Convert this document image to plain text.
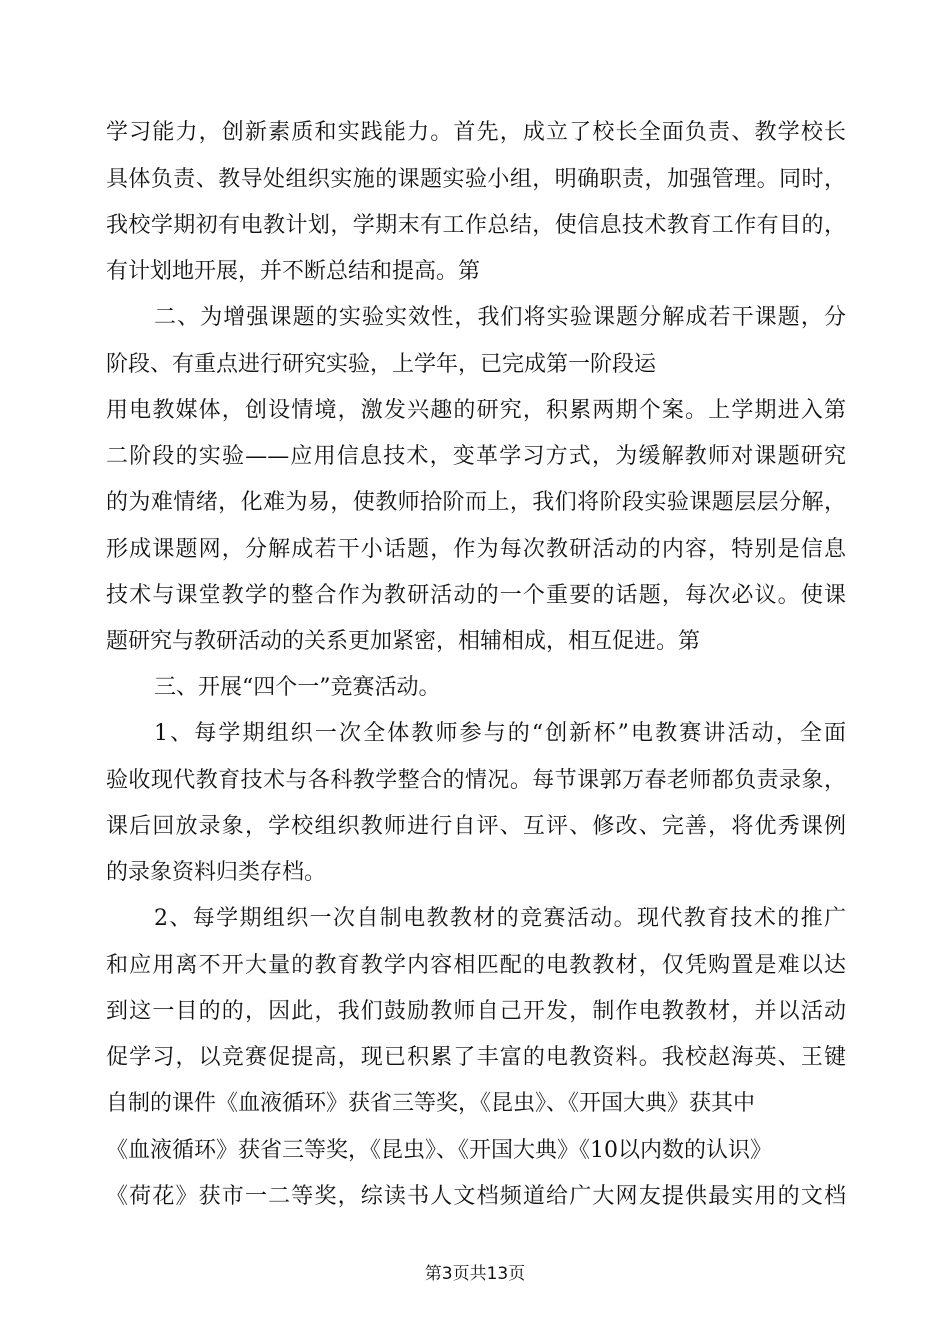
学习能力，创新素质和实践能力。首先，成立了校长全面负责、教学校长
具体负责、教导处组织实施的课题实验小组，明确职责，加强管理。同时，
我校学期初有电教计划，学期末有工作总结，使信息技术教育工作有目的，
有计划地开展，并不断总结和提高。第
二、为增强课题的实验实效性，我们将实验课题分解成若干课题，分
阶段、有重点进行研究实验，上学年，已完成第一阶段运
用电教媒体，创设情境，激发兴趣的研究，积累两期个案。上学期进入第
二阶段的实验——应用信息技术，变革学习方式，为缓解教师对课题研究
的为难情绪，化难为易，使教师拾阶而上，我们将阶段实验课题层层分解，
形成课题网，分解成若干小话题，作为每次教研活动的内容，特别是信息
技术与课堂教学的整合作为教研活动的一个重要的话题，每次必议。使课
题研究与教研活动的关系更加紧密，相辅相成，相互促进。第
三、开展“四个一”竞赛活动。
1、每学期组织一次全体教师参与的“创新杯”电教赛讲活动，全面
验收现代教育技术与各科教学整合的情况。每节课郭万春老师都负责录象，
课后回放录象，学校组织教师进行自评、互评、修改、完善，将优秀课例
的录象资料归类存档。
2、每学期组织一次自制电教教材的竞赛活动。现代教育技术的推广
和应用离不开大量的教育教学内容相匹配的电教教材，仅凭购置是难以达
到这一目的的，因此，我们鼓励教师自己开发，制作电教教材，并以活动
促学习，以竞赛促提高，现已积累了丰富的电教资料。我校赵海英、王键
自制的课件《血液循环》获省三等奖，《昆虫》、《开国大典》获其中
《血液循环》获省三等奖，《昆虫》、《开国大典》《10以内数的认识》
《荷花》获市一二等奖，综读书人文档频道给广大网友提供最实用的文档
第3页共13页
